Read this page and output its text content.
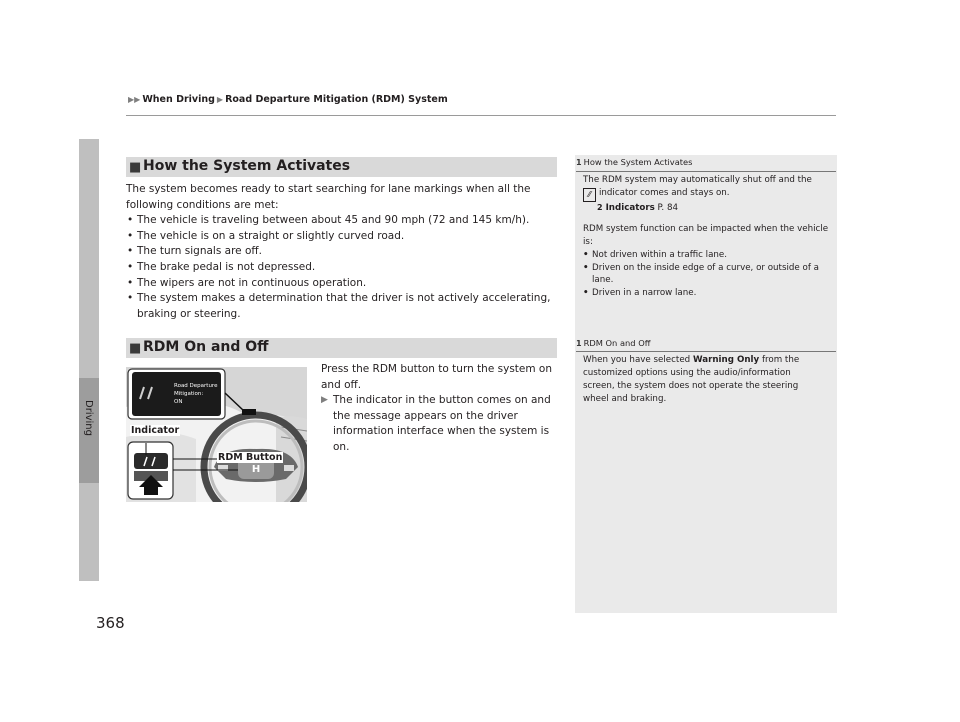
▶▶ When Driving ▶ Road Departure Mitigation (RDM) System
Driving
■ How the System Activates
The system becomes ready to start searching for lane markings when all the following conditions are met:
• The vehicle is traveling between about 45 and 90 mph (72 and 145 km/h).
• The vehicle is on a straight or slightly curved road.
• The turn signals are off.
• The brake pedal is not depressed.
• The wipers are not in continuous operation.
• The system makes a determination that the driver is not actively accelerating, braking or steering.
■ RDM On and Off
H
Road Departure
Mitigation:
ON
Indicator
RDM Button
Press the RDM button to turn the system on and off.
▶ The indicator in the button comes on and the message appears on the driver information interface when the system is on.
1 How the System Activates
The RDM system may automatically shut off and the
⁄⁄ indicator comes and stays on.
2 Indicators P. 84
RDM system function can be impacted when the vehicle is:
• Not driven within a traffic lane.
• Driven on the inside edge of a curve, or outside of a lane.
• Driven in a narrow lane.
1 RDM On and Off
When you have selected Warning Only from the customized options using the audio/information screen, the system does not operate the steering wheel and braking.
368
